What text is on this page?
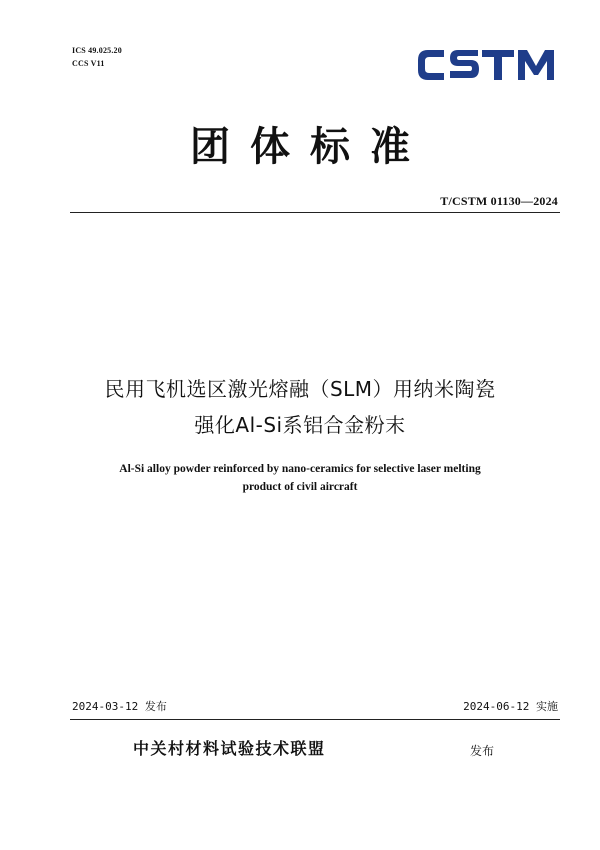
ICS 49.025.20
CCS V11
团体标准
T/CSTM 01130—2024
民用飞机选区激光熔融（SLM）用纳米陶瓷
强化Al-Si系铝合金粉末
Al-Si alloy powder reinforced by nano-ceramics for selective laser melting
product of civil aircraft
2024-03-12 发布	2024-06-12 实施
中关村材料试验技术联盟	发布
